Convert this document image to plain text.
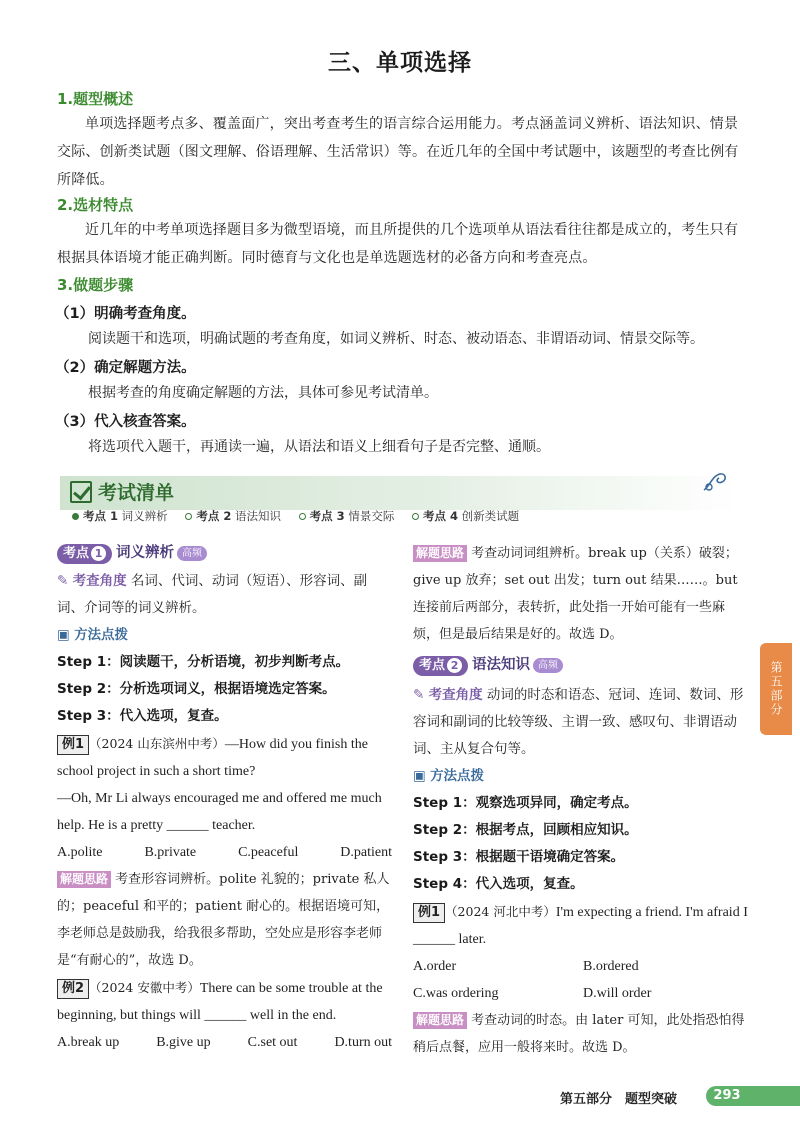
三、单项选择
1.题型概述
单项选择题考点多、覆盖面广，突出考查考生的语言综合运用能力。考点涵盖词义辨析、语法知识、情景交际、创新类试题（图文理解、俗语理解、生活常识）等。在近几年的全国中考试题中，该题型的考查比例有所降低。
2.选材特点
近几年的中考单项选择题目多为微型语境，而且所提供的几个选项单从语法看往往都是成立的，考生只有根据具体语境才能正确判断。同时德育与文化也是单选题选材的必备方向和考查亮点。
3.做题步骤
（1）明确考查角度。
阅读题干和选项，明确试题的考查角度，如词义辨析、时态、被动语态、非谓语动词、情景交际等。
（2）确定解题方法。
根据考查的角度确定解题的方法，具体可参见考试清单。
（3）代入核查答案。
将选项代入题干，再通读一遍，从语法和语义上细看句子是否完整、通顺。
考试清单
考点 1 词义辨析 考点 2 语法知识 考点 3 情景交际 考点 4 创新类试题
考点 1 词义辨析 高频
✎ 考查角度 名词、代词、动词（短语）、形容词、副词、介词等的词义辨析。
▣ 方法点拨
Step 1：阅读题干，分析语境，初步判断考点。
Step 2：分析选项词义，根据语境选定答案。
Step 3：代入选项，复查。
例1 （2024 山东滨州中考）—How did you finish the school project in such a short time?
—Oh, Mr Li always encouraged me and offered me much help. He is a pretty ______ teacher.
A.polite	B.private	C.peaceful	D.patient
解题思路 考查形容词辨析。polite 礼貌的；private 私人的；peaceful 和平的；patient 耐心的。根据语境可知，李老师总是鼓励我，给我很多帮助，空处应是形容李老师是“有耐心的”，故选 D。
例2 （2024 安徽中考）There can be some trouble at the beginning, but things will ______ well in the end.
A.break up	B.give up	C.set out	D.turn out
解题思路 考查动词词组辨析。break up（关系）破裂；give up 放弃；set out 出发；turn out 结果……。but 连接前后两部分，表转折，此处指一开始可能有一些麻烦，但是最后结果是好的。故选 D。
考点 2 语法知识 高频
✎ 考查角度 动词的时态和语态、冠词、连词、数词、形容词和副词的比较等级、主谓一致、感叹句、非谓语动词、主从复合句等。
▣ 方法点拨
Step 1：观察选项异同，确定考点。
Step 2：根据考点，回顾相应知识。
Step 3：根据题干语境确定答案。
Step 4：代入选项，复查。
例1 （2024 河北中考）I'm expecting a friend. I'm afraid I ______ later.
A.order	B.ordered
C.was ordering	D.will order
解题思路 考查动词的时态。由 later 可知，此处指恐怕得稍后点餐，应用一般将来时。故选 D。
第五部分
第五部分　题型突破	293
